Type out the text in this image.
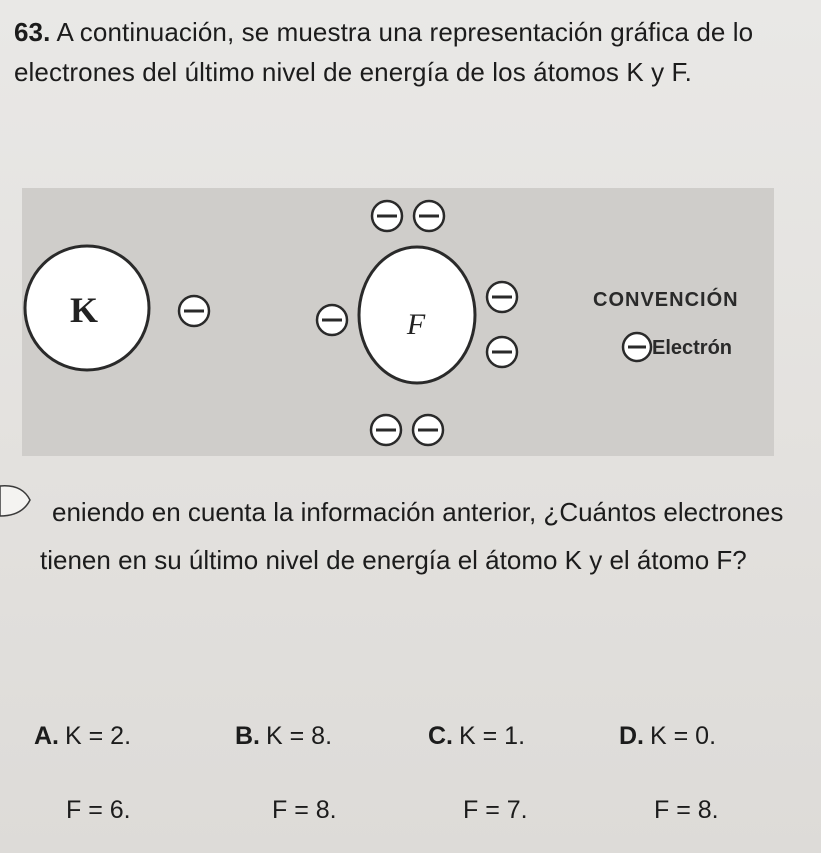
63. A continuación, se muestra una representación gráfica de lo electrones del último nivel de energía de los átomos K y F.
K	F
CONVENCIÓN
Electrón
eniendo en cuenta la información anterior, ¿Cuántos electrones tienen en su último nivel de energía el átomo K y el átomo F?
A. K = 2.	B. K = 8.	C. K = 1.	D. K = 0.
F = 6.	F = 8.	F = 7.	F = 8.
